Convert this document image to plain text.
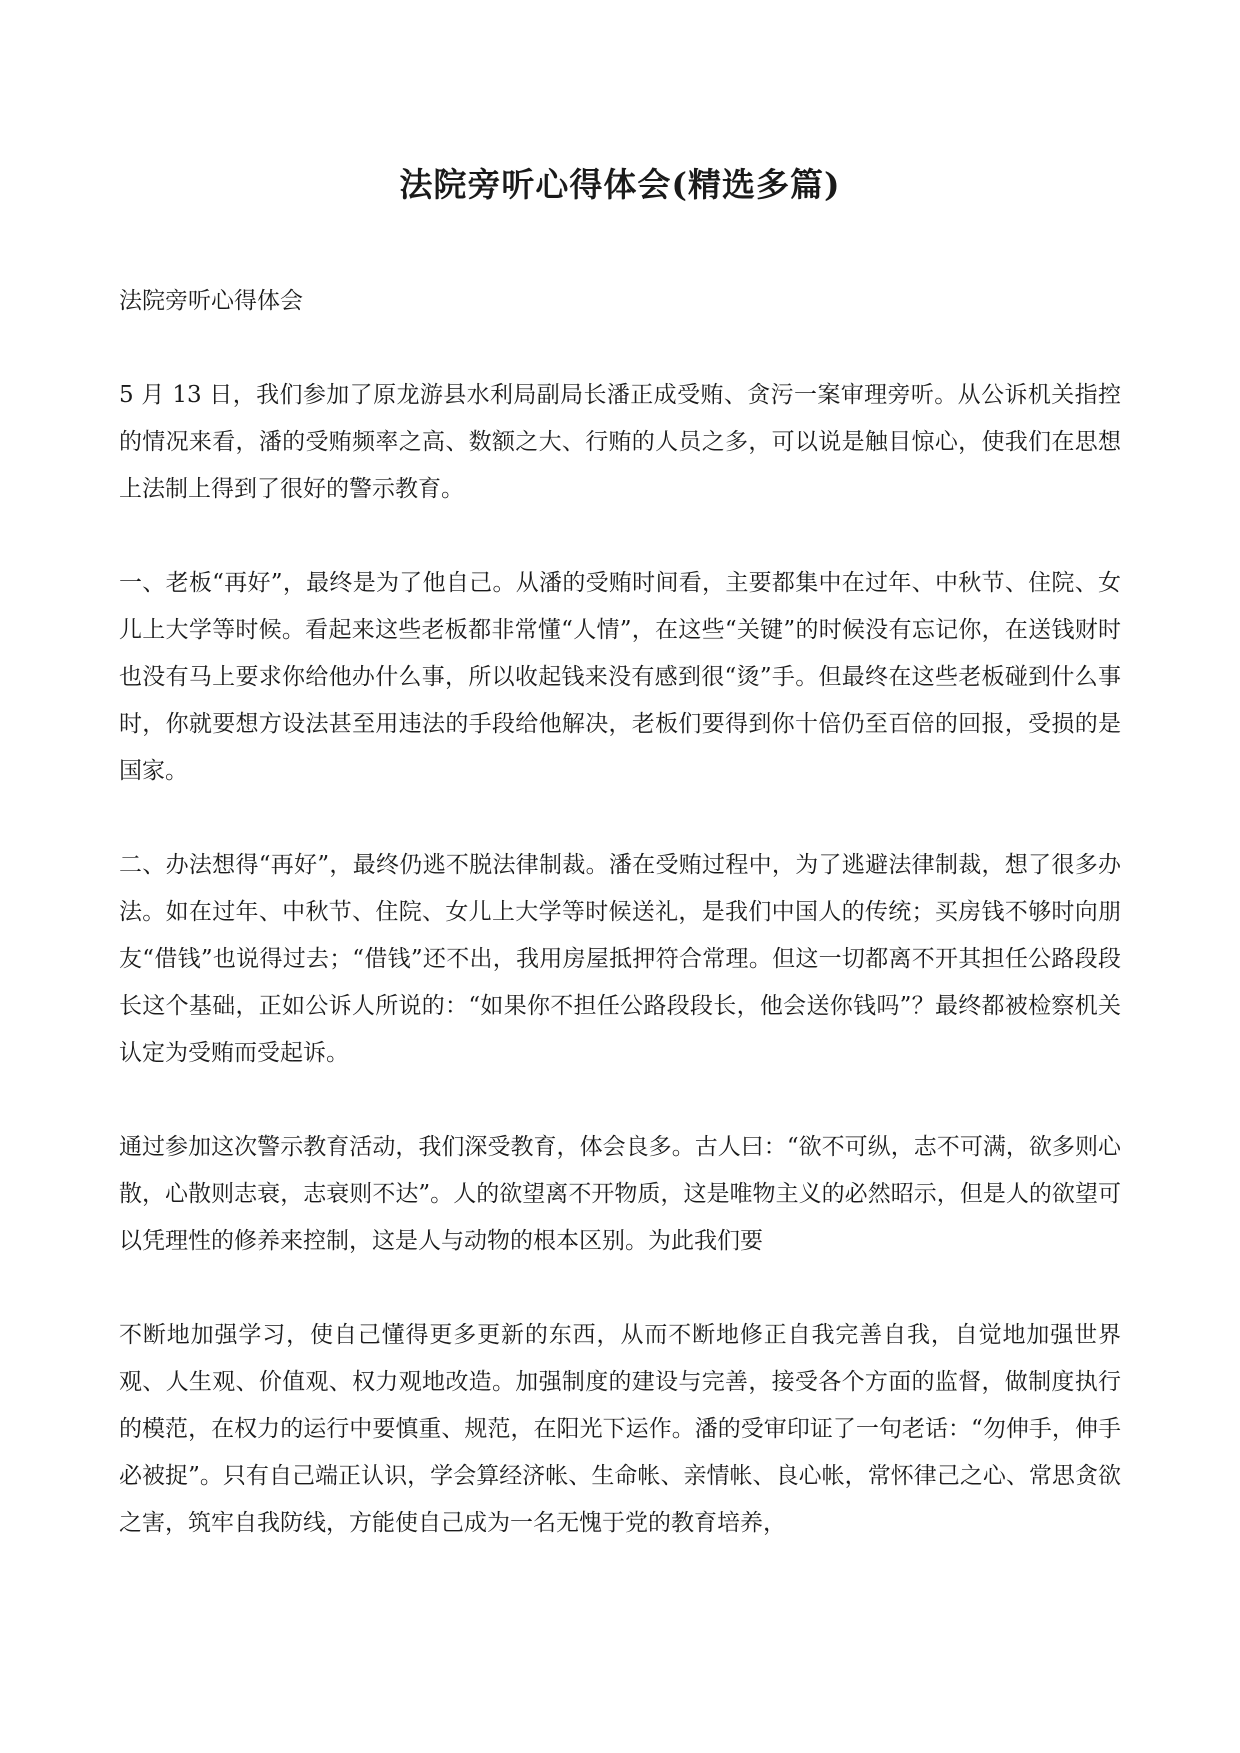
法院旁听心得体会(精选多篇)

法院旁听心得体会

5 月 13 日，我们参加了原龙游县水利局副局长潘正成受贿、贪污一案审理旁听。从公诉机关指控的情况来看，潘的受贿频率之高、数额之大、行贿的人员之多，可以说是触目惊心，使我们在思想上法制上得到了很好的警示教育。

一、老板“再好”，最终是为了他自己。从潘的受贿时间看，主要都集中在过年、中秋节、住院、女儿上大学等时候。看起来这些老板都非常懂“人情”，在这些“关键”的时候没有忘记你，在送钱财时也没有马上要求你给他办什么事，所以收起钱来没有感到很“烫”手。但最终在这些老板碰到什么事时，你就要想方设法甚至用违法的手段给他解决，老板们要得到你十倍仍至百倍的回报，受损的是国家。

二、办法想得“再好”，最终仍逃不脱法律制裁。潘在受贿过程中，为了逃避法律制裁，想了很多办法。如在过年、中秋节、住院、女儿上大学等时候送礼，是我们中国人的传统；买房钱不够时向朋友“借钱”也说得过去；“借钱”还不出，我用房屋抵押符合常理。但这一切都离不开其担任公路段段长这个基础，正如公诉人所说的：“如果你不担任公路段段长，他会送你钱吗”？最终都被检察机关认定为受贿而受起诉。

通过参加这次警示教育活动，我们深受教育，体会良多。古人曰：“欲不可纵，志不可满，欲多则心散，心散则志衰，志衰则不达”。人的欲望离不开物质，这是唯物主义的必然昭示，但是人的欲望可以凭理性的修养来控制，这是人与动物的根本区别。为此我们要

不断地加强学习，使自己懂得更多更新的东西，从而不断地修正自我完善自我，自觉地加强世界观、人生观、价值观、权力观地改造。加强制度的建设与完善，接受各个方面的监督，做制度执行的模范，在权力的运行中要慎重、规范，在阳光下运作。潘的受审印证了一句老话：“勿伸手，伸手必被捉”。只有自己端正认识，学会算经济帐、生命帐、亲情帐、良心帐，常怀律己之心、常思贪欲之害，筑牢自我防线，方能使自己成为一名无愧于党的教育培养，
